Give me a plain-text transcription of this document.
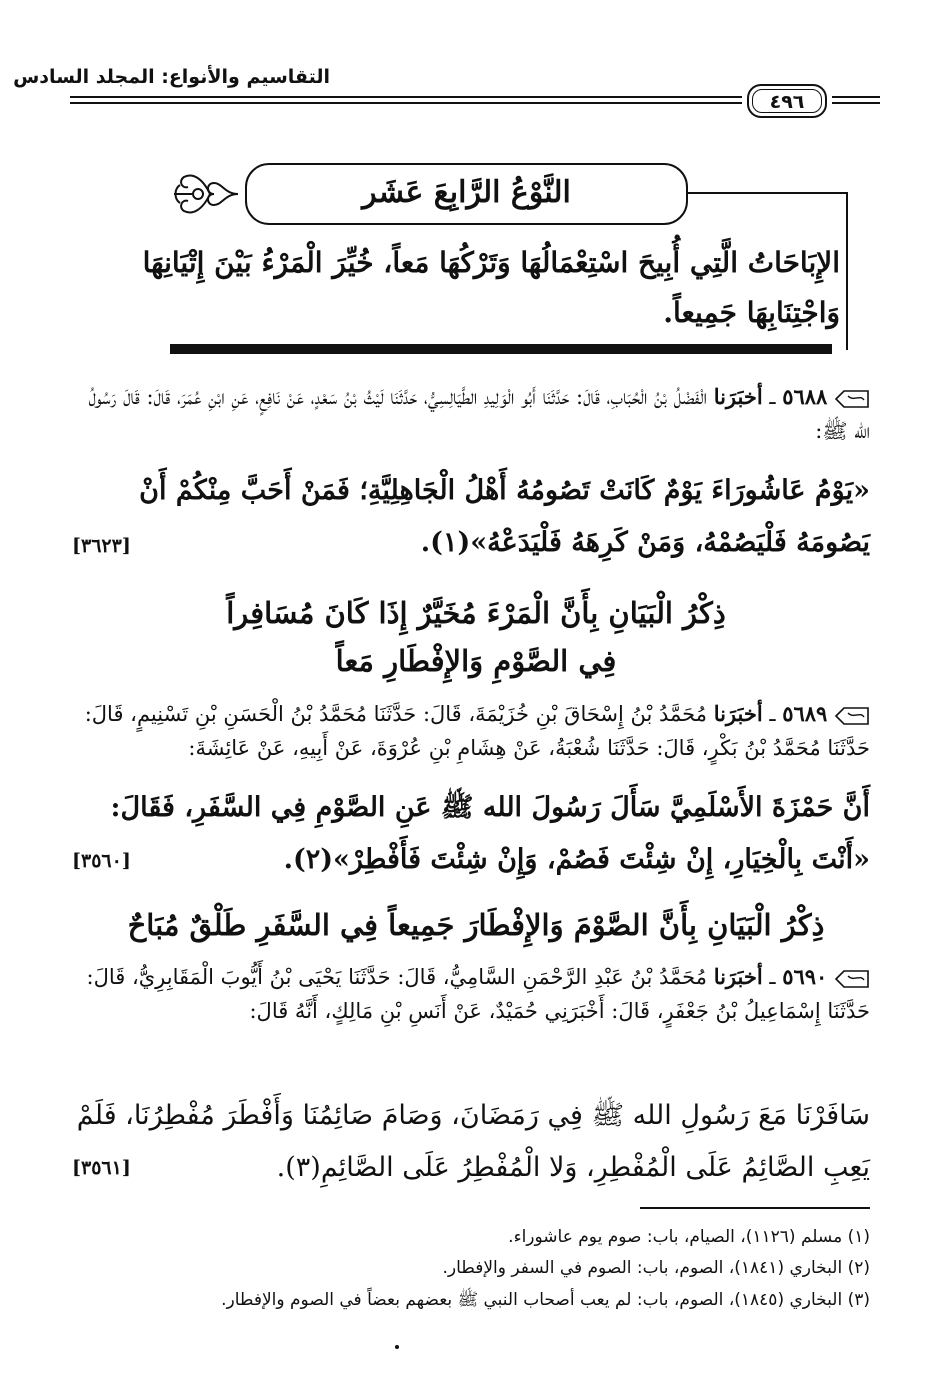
التقاسيم والأنواع: المجلد السادس
٤٩٦
النَّوْعُ الرَّابِعَ عَشَر
الإِبَاحَاتُ الَّتِي أُبِيحَ اسْتِعْمَالُهَا وَتَرْكُهَا مَعاً، خُيِّرَ الْمَرْءُ بَيْنَ إِتْيَانِهَا وَاجْتِنَابِهَا جَمِيعاً.
٥٦٨٨ ـ أخبَرَنا الْفَضْلُ بْنُ الْحُبَابِ، قَالَ: حَدَّثَنَا أَبُو الْوَلِيدِ الطَّيَالِسِيُّ، حَدَّثَنَا لَيْثُ بْنُ سَعْدٍ، عَنْ نَافِعٍ، عَنِ ابْنِ عُمَرَ، قَالَ: قَالَ رَسُولُ الله ﷺ:
«يَوْمُ عَاشُورَاءَ يَوْمٌ كَانَتْ تَصُومُهُ أَهْلُ الْجَاهِلِيَّةِ؛ فَمَنْ أَحَبَّ مِنْكُمْ أَنْ يَصُومَهُ فَلْيَصُمْهُ، وَمَنْ كَرِهَهُ فَلْيَدَعْهُ»(١).
[٣٦٢٣]
ذِكْرُ الْبَيَانِ بِأَنَّ الْمَرْءَ مُخَيَّرٌ إِذَا كَانَ مُسَافِراً
فِي الصَّوْمِ وَالإِفْطَارِ مَعاً
٥٦٨٩ ـ أخبَرَنا مُحَمَّدُ بْنُ إِسْحَاقَ بْنِ خُزَيْمَةَ، قَالَ: حَدَّثَنَا مُحَمَّدُ بْنُ الْحَسَنِ بْنِ تَسْنِيمٍ، قَالَ: حَدَّثَنَا مُحَمَّدُ بْنُ بَكْرٍ، قَالَ: حَدَّثَنَا شُعْبَةُ، عَنْ هِشَامِ بْنِ عُرْوَةَ، عَنْ أَبِيهِ، عَنْ عَائِشَةَ:
أَنَّ حَمْزَةَ الأَسْلَمِيَّ سَأَلَ رَسُولَ الله ﷺ عَنِ الصَّوْمِ فِي السَّفَرِ، فَقَالَ: «أَنْتَ بِالْخِيَارِ، إِنْ شِئْتَ فَصُمْ، وَإِنْ شِئْتَ فَأَفْطِرْ»(٢).
[٣٥٦٠]
ذِكْرُ الْبَيَانِ بِأَنَّ الصَّوْمَ وَالإِفْطَارَ جَمِيعاً فِي السَّفَرِ طَلْقٌ مُبَاحٌ
٥٦٩٠ ـ أخبَرَنا مُحَمَّدُ بْنُ عَبْدِ الرَّحْمَنِ السَّامِيُّ، قَالَ: حَدَّثَنَا يَحْيَى بْنُ أَيُّوبَ الْمَقَابِرِيُّ، قَالَ: حَدَّثَنَا إِسْمَاعِيلُ بْنُ جَعْفَرٍ، قَالَ: أَخْبَرَنِي حُمَيْدٌ، عَنْ أَنَسِ بْنِ مَالِكٍ، أَنَّهُ قَالَ:
سَافَرْنَا مَعَ رَسُولِ الله ﷺ فِي رَمَضَانَ، وَصَامَ صَائِمُنَا وَأَفْطَرَ مُفْطِرُنَا، فَلَمْ يَعِبِ الصَّائِمُ عَلَى الْمُفْطِرِ، وَلا الْمُفْطِرُ عَلَى الصَّائِمِ(٣).
[٣٥٦١]
(١) مسلم (١١٢٦)، الصيام، باب: صوم يوم عاشوراء.
(٢) البخاري (١٨٤١)، الصوم، باب: الصوم في السفر والإفطار.
(٣) البخاري (١٨٤٥)، الصوم، باب: لم يعب أصحاب النبي ﷺ بعضهم بعضاً في الصوم والإفطار.
